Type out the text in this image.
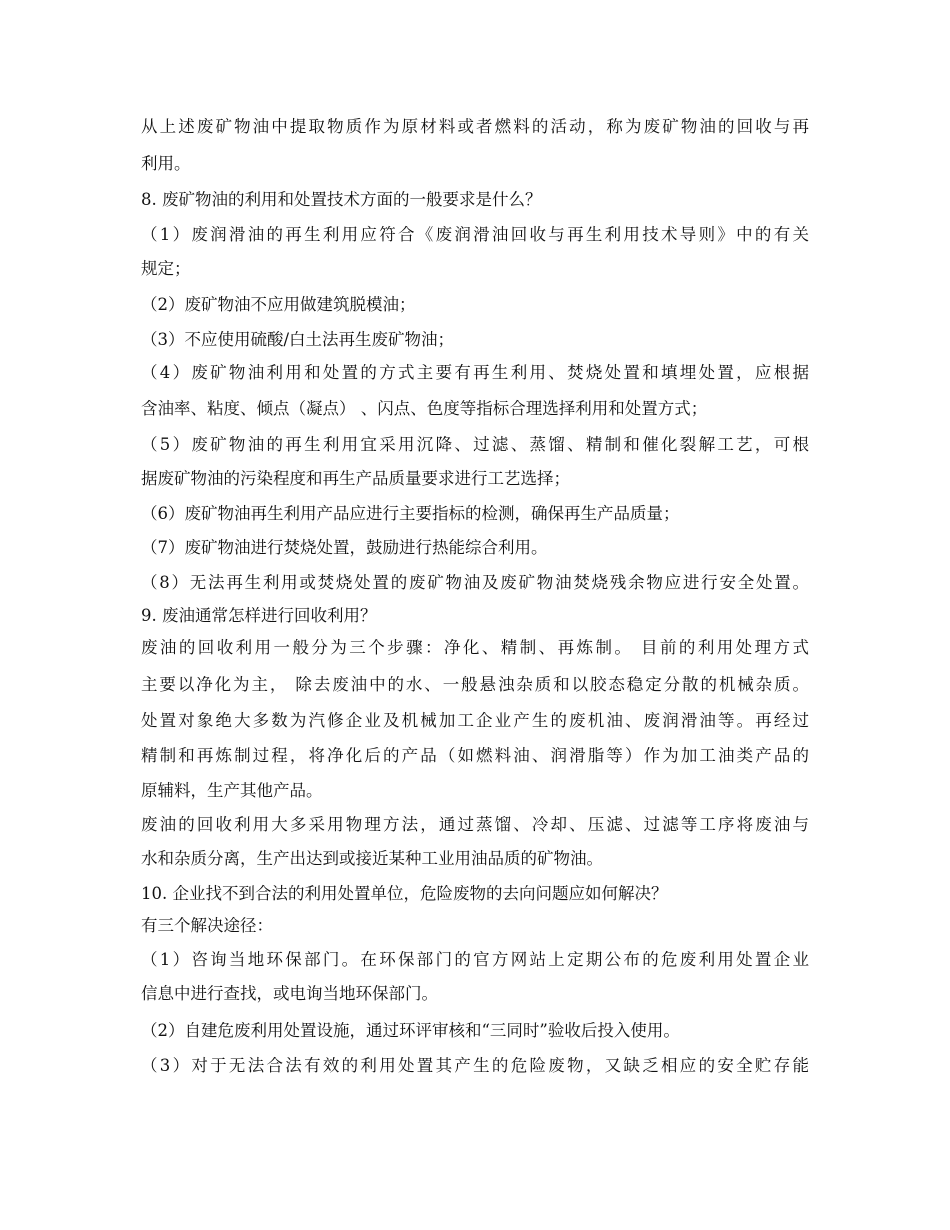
从上述废矿物油中提取物质作为原材料或者燃料的活动，称为废矿物油的回收与再
利用。
8. 废矿物油的利用和处置技术方面的一般要求是什么？
（1）废润滑油的再生利用应符合《废润滑油回收与再生利用技术导则》中的有关
规定；
（2）废矿物油不应用做建筑脱模油；
（3）不应使用硫酸/白土法再生废矿物油；
（4）废矿物油利用和处置的方式主要有再生利用、焚烧处置和填埋处置，应根据
含油率、粘度、倾点（凝点） 、闪点、色度等指标合理选择利用和处置方式；
（5）废矿物油的再生利用宜采用沉降、过滤、蒸馏、精制和催化裂解工艺，可根
据废矿物油的污染程度和再生产品质量要求进行工艺选择；
（6）废矿物油再生利用产品应进行主要指标的检测，确保再生产品质量；
（7）废矿物油进行焚烧处置，鼓励进行热能综合利用。
（8）无法再生利用或焚烧处置的废矿物油及废矿物油焚烧残余物应进行安全处置。
9. 废油通常怎样进行回收利用？
废油的回收利用一般分为三个步骤：净化、精制、再炼制。 目前的利用处理方式
主要以净化为主， 除去废油中的水、一般悬浊杂质和以胶态稳定分散的机械杂质。
处置对象绝大多数为汽修企业及机械加工企业产生的废机油、废润滑油等。再经过
精制和再炼制过程，将净化后的产品（如燃料油、润滑脂等）作为加工油类产品的
原辅料，生产其他产品。
废油的回收利用大多采用物理方法，通过蒸馏、冷却、压滤、过滤等工序将废油与
水和杂质分离，生产出达到或接近某种工业用油品质的矿物油。
10. 企业找不到合法的利用处置单位，危险废物的去向问题应如何解决？
有三个解决途径：
（1）咨询当地环保部门。在环保部门的官方网站上定期公布的危废利用处置企业
信息中进行查找，或电询当地环保部门。
（2）自建危废利用处置设施，通过环评审核和“三同时”验收后投入使用。
（3）对于无法合法有效的利用处置其产生的危险废物，又缺乏相应的安全贮存能
